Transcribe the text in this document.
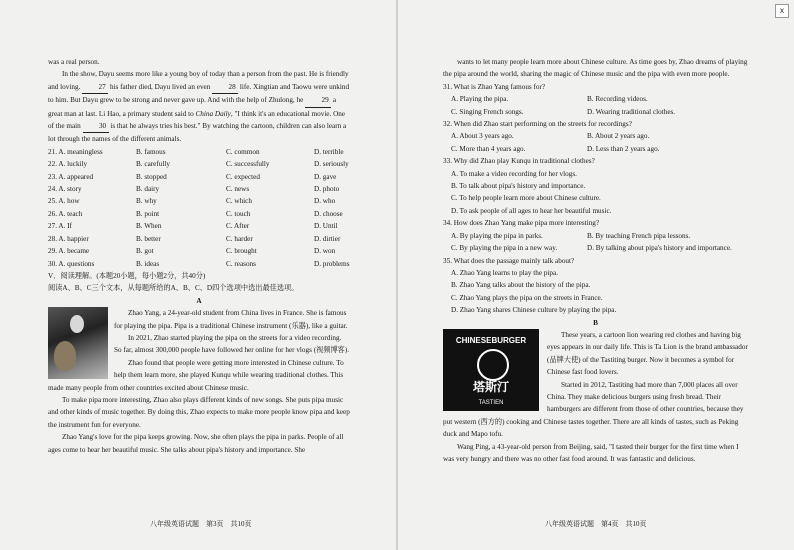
x

was a real person.

In the show, Dayu seems more like a young boy of today than a person from the past. He is friendly and loving. 27 his father died, Dayu lived an even 28 life. Xingtian and Taowu were unkind to him. But Dayu grew to be strong and never gave up. And with the help of Zhulong, he 29 a great man at last. Li Hao, a primary student said to China Daily, "I think it's an educational movie. One of the main 30 is that he always tries his best." By watching the cartoon, children can also learn a lot through the names of the different animals.

21. A. meaningless	B. famous	C. common	D. terrible
22. A. luckily	B. carefully	C. successfully	D. seriously
23. A. appeared	B. stopped	C. expected	D. gave
24. A. story	B. dairy	C. news	D. photo
25. A. how	B. why	C. which	D. who
26. A. teach	B. point	C. touch	D. choose
27. A. If	B. When	C. After	D. Until
28. A. happier	B. better	C. harder	D. dirtier
29. A. became	B. got	C. brought	D. won
30. A. questions	B. ideas	C. reasons	D. problems

V．阅读理解。(本题20小题，每小题2分，共40分)

阅读A、B、C三个文本，从每题所给的A、B、C、D四个选项中选出最佳选项。

A

Zhao Yang, a 24-year-old student from China lives in France. She is famous for playing the pipa. Pipa is a traditional Chinese instrument (乐器), like a guitar.

In 2021, Zhao started playing the pipa on the streets for a video recording. So far, almost 300,000 people have followed her online for her vlogs (视频博客).

Zhao found that people were getting more interested in Chinese culture. To help them learn more, she played Kunqu while wearing traditional clothes. This made many people from other countries excited about Chinese music.

To make pipa more interesting, Zhao also plays different kinds of new songs. She puts pipa music and other kinds of music together. By doing this, Zhao expects to make more people know pipa and keep the instrument fun for everyone.

Zhao Yang's love for the pipa keeps growing. Now, she often plays the pipa in parks. People of all ages come to hear her beautiful music. She talks about pipa's history and importance. She

wants to let many people learn more about Chinese culture. As time goes by, Zhao dreams of playing the pipa around the world, sharing the magic of Chinese music and the pipa with even more people.

31. What is Zhao Yang famous for?

A. Playing the pipa.	B. Recording videos.
C. Singing French songs.	D. Wearing traditional clothes.

32. When did Zhao start performing on the streets for recordings?

A. About 3 years ago.	B. About 2 years ago.
C. More than 4 years ago.	D. Less than 2 years ago.

33. Why did Zhao play Kunqu in traditional clothes?

A. To make a video recording for her vlogs.

B. To talk about pipa's history and importance.

C. To help people learn more about Chinese culture.

D. To ask people of all ages to hear her beautiful music.

34. How does Zhao Yang make pipa more interesting?

A. By playing the pipa in parks.	B. By teaching French pipa lessons.
C. By playing the pipa in a new way.	D. By talking about pipa's history and importance.

35. What does the passage mainly talk about?

A. Zhao Yang learns to play the pipa.

B. Zhao Yang talks about the history of the pipa.

C. Zhao Yang plays the pipa on the streets in France.

D. Zhao Yang shares Chinese culture by playing the pipa.

B

CHINESEBURGER
塔斯汀
TASTIEN

These years, a cartoon lion wearing red clothes and having big eyes appears in our daily life. This is Ta Lion is the brand ambassador (品牌大使) of the Tastiting burger. Now it becomes a symbol for Chinese fast food lovers.

Started in 2012, Tastiting had more than 7,000 places all over China. They make delicious burgers using fresh bread. Their hamburgers are different from those of other countries, because they put western (西方的) cooking and Chinese tastes together. There are all kinds of tastes, such as Peking duck and Mapo tofu.

Wang Ping, a 43-year-old person from Beijing, said, "I tasted their burger for the first time when I was very hungry and there was no other fast food around. It was fantastic and delicious.

八年级英语试题　第3页　共10页	八年级英语试题　第4页　共10页
